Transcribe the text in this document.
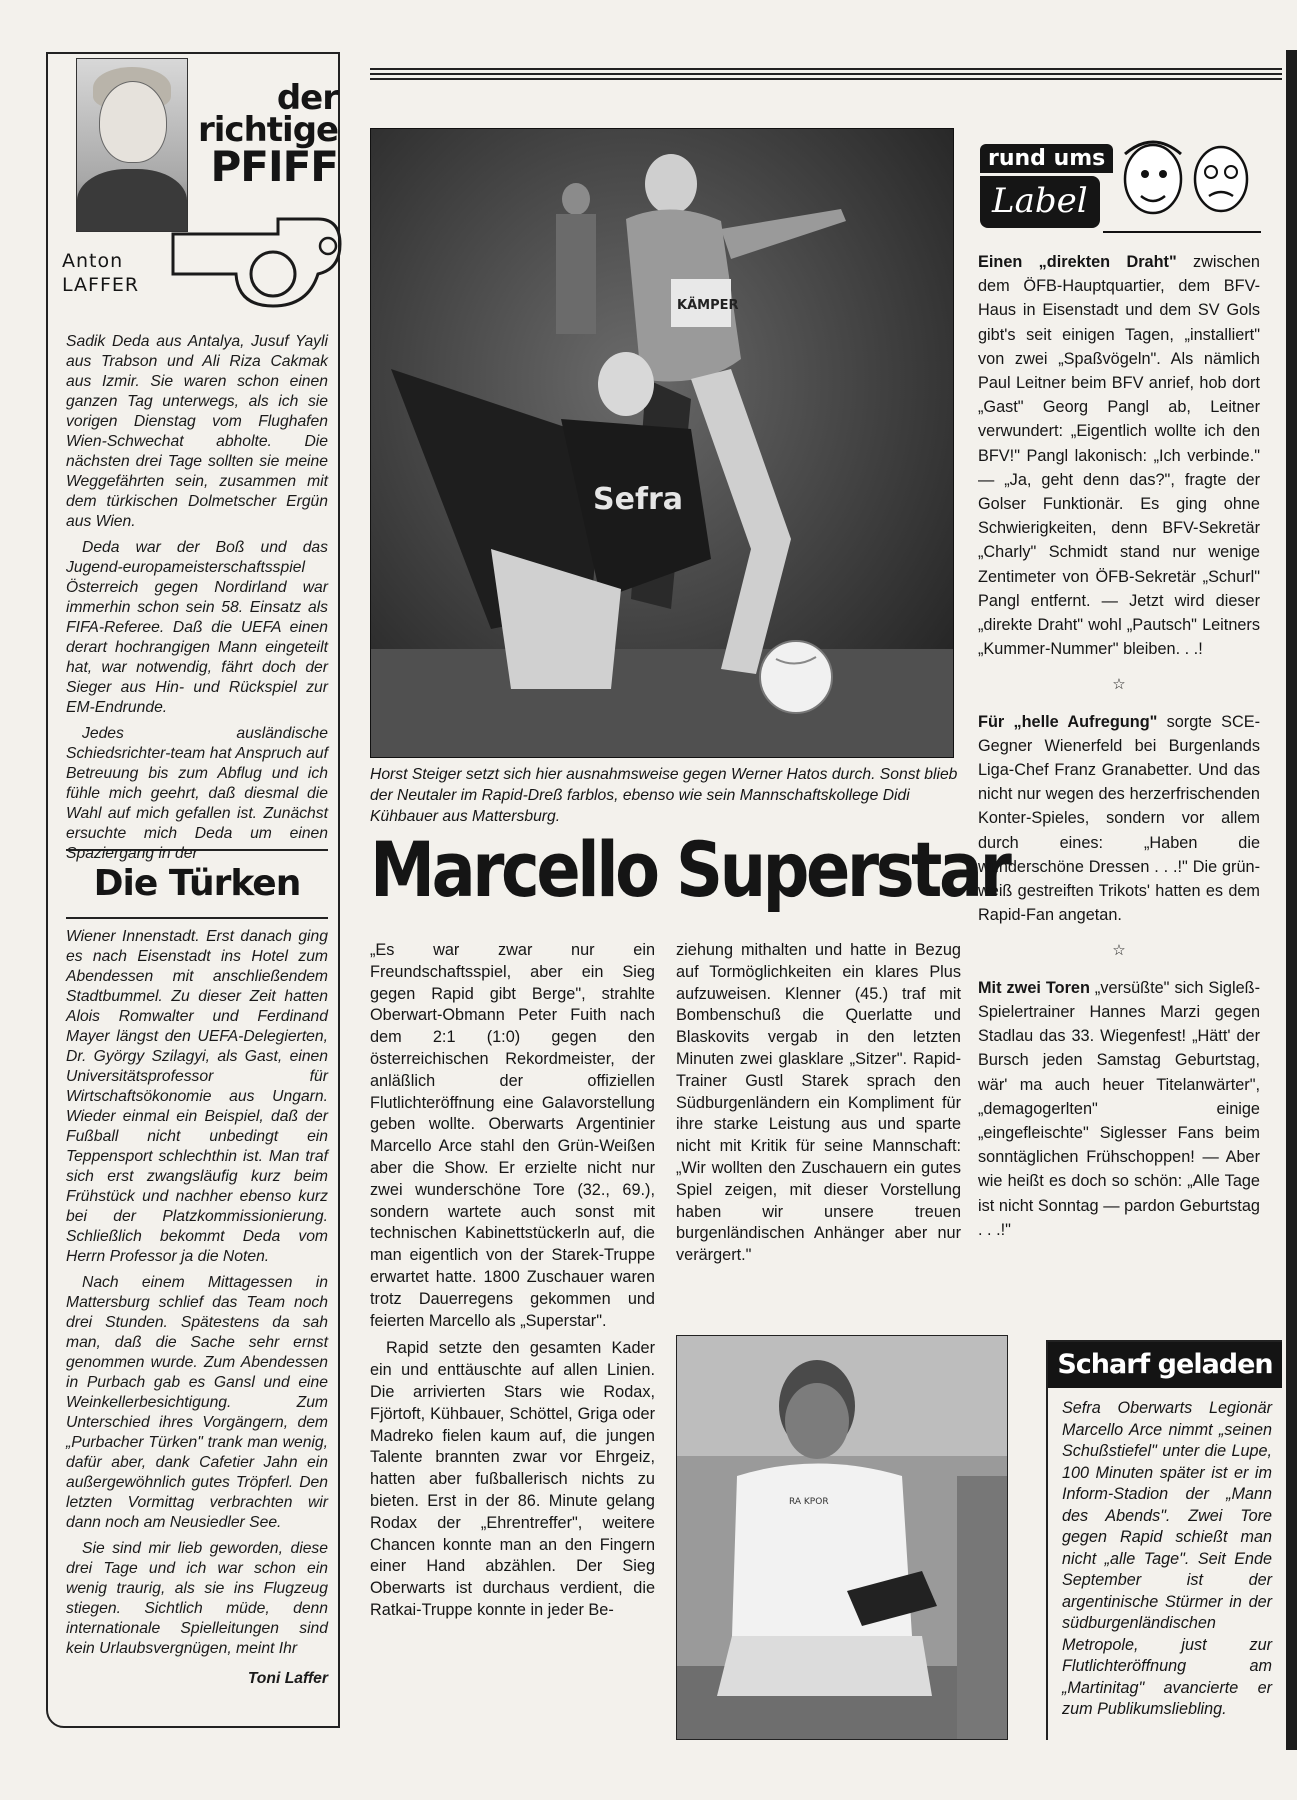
der
richtige
PFIFF
Anton
LAFFER

Sadik Deda aus Antalya, Jusuf Yayli aus Trabson und Ali Riza Cakmak aus Izmir. Sie waren schon einen ganzen Tag unterwegs, als ich sie vorigen Dienstag vom Flughafen Wien-Schwechat abholte. Die nächsten drei Tage sollten sie meine Weggefährten sein, zusammen mit dem türkischen Dolmetscher Ergün aus Wien.

Deda war der Boß und das Jugend-europameisterschaftsspiel Österreich gegen Nordirland war immerhin schon sein 58. Einsatz als FIFA-Referee. Daß die UEFA einen derart hochrangigen Mann eingeteilt hat, war notwendig, fährt doch der Sieger aus Hin- und Rückspiel zur EM-Endrunde.

Jedes ausländische Schiedsrichter-team hat Anspruch auf Betreuung bis zum Abflug und ich fühle mich geehrt, daß diesmal die Wahl auf mich gefallen ist. Zunächst ersuchte mich Deda um einen Spaziergang in der

Die Türken

Wiener Innenstadt. Erst danach ging es nach Eisenstadt ins Hotel zum Abendessen mit anschließendem Stadtbummel. Zu dieser Zeit hatten Alois Romwalter und Ferdinand Mayer längst den UEFA-Delegierten, Dr. György Szilagyi, als Gast, einen Universitätsprofessor für Wirtschaftsökonomie aus Ungarn. Wieder einmal ein Beispiel, daß der Fußball nicht unbedingt ein Teppensport schlechthin ist. Man traf sich erst zwangsläufig kurz beim Frühstück und nachher ebenso kurz bei der Platzkommissionierung. Schließlich bekommt Deda vom Herrn Professor ja die Noten.

Nach einem Mittagessen in Mattersburg schlief das Team noch drei Stunden. Spätestens da sah man, daß die Sache sehr ernst genommen wurde. Zum Abendessen in Purbach gab es Gansl und eine Weinkellerbesichtigung. Zum Unterschied ihres Vorgängern, dem „Purbacher Türken" trank man wenig, dafür aber, dank Cafetier Jahn ein außergewöhnlich gutes Tröpferl. Den letzten Vormittag verbrachten wir dann noch am Neusiedler See.

Sie sind mir lieb geworden, diese drei Tage und ich war schon ein wenig traurig, als sie ins Flugzeug stiegen. Sichtlich müde, denn internationale Spielleitungen sind kein Urlaubsvergnügen, meint Ihr

Toni Laffer
KÄMPER
Sefra
Horst Steiger setzt sich hier ausnahmsweise gegen Werner Hatos durch. Sonst blieb der Neutaler im Rapid-Dreß farblos, ebenso wie sein Mannschaftskollege Didi Kühbauer aus Mattersburg.
Marcello Superstar

„Es war zwar nur ein Freundschaftsspiel, aber ein Sieg gegen Rapid gibt Berge", strahlte Oberwart-Obmann Peter Fuith nach dem 2:1 (1:0) gegen den österreichischen Rekordmeister, der anläßlich der offiziellen Flutlichteröffnung eine Galavorstellung geben wollte. Oberwarts Argentinier Marcello Arce stahl den Grün-Weißen aber die Show. Er erzielte nicht nur zwei wunderschöne Tore (32., 69.), sondern wartete auch sonst mit technischen Kabinettstückerln auf, die man eigentlich von der Starek-Truppe erwartet hatte. 1800 Zuschauer waren trotz Dauerregens gekommen und feierten Marcello als „Superstar".

Rapid setzte den gesamten Kader ein und enttäuschte auf allen Linien. Die arrivierten Stars wie Rodax, Fjörtoft, Kühbauer, Schöttel, Griga oder Madreko fielen kaum auf, die jungen Talente brannten zwar vor Ehrgeiz, hatten aber fußballerisch nichts zu bieten. Erst in der 86. Minute gelang Rodax der „Ehrentreffer", weitere Chancen konnte man an den Fingern einer Hand abzählen. Der Sieg Oberwarts ist durchaus verdient, die Ratkai-Truppe konnte in jeder Be-

ziehung mithalten und hatte in Bezug auf Tormöglichkeiten ein klares Plus aufzuweisen. Klenner (45.) traf mit Bombenschuß die Querlatte und Blaskovits vergab in den letzten Minuten zwei glasklare „Sitzer". Rapid-Trainer Gustl Starek sprach den Südburgenländern ein Kompliment für ihre starke Leistung aus und sparte nicht mit Kritik für seine Mannschaft: „Wir wollten den Zuschauern ein gutes Spiel zeigen, mit dieser Vorstellung haben wir unsere treuen burgenländischen Anhänger aber nur verärgert."

rund ums
Label
Einen „direkten Draht" zwischen dem ÖFB-Hauptquartier, dem BFV-Haus in Eisenstadt und dem SV Gols gibt's seit einigen Tagen, „installiert" von zwei „Spaßvögeln". Als nämlich Paul Leitner beim BFV anrief, hob dort „Gast" Georg Pangl ab, Leitner verwundert: „Eigentlich wollte ich den BFV!" Pangl lakonisch: „Ich verbinde." — „Ja, geht denn das?", fragte der Golser Funktionär. Es ging ohne Schwierigkeiten, denn BFV-Sekretär „Charly" Schmidt stand nur wenige Zentimeter von ÖFB-Sekretär „Schurl" Pangl entfernt. — Jetzt wird dieser „direkte Draht" wohl „Pautsch" Leitners „Kummer-Nummer" bleiben. . .!
☆
Für „helle Aufregung" sorgte SCE-Gegner Wienerfeld bei Burgenlands Liga-Chef Franz Granabetter. Und das nicht nur wegen des herzerfrischenden Konter-Spieles, sondern vor allem durch eines: „Haben die wunderschöne Dressen . . .!" Die grün-weiß gestreiften Trikots' hatten es dem Rapid-Fan angetan.
☆
Mit zwei Toren „versüßte" sich Sigleß-Spielertrainer Hannes Marzi gegen Stadlau das 33. Wiegenfest! „Hätt' der Bursch jeden Samstag Geburtstag, wär' ma auch heuer Titelanwärter", „demagogerlten" einige „eingefleischte" Siglesser Fans beim sonntäglichen Frühschoppen! — Aber wie heißt es doch so schön: „Alle Tage ist nicht Sonntag — pardon Geburtstag . . .!"
RA KPOR
Scharf geladen
Sefra Oberwarts Legionär Marcello Arce nimmt „seinen Schußstiefel" unter die Lupe, 100 Minuten später ist er im Inform-Stadion der „Mann des Abends". Zwei Tore gegen Rapid schießt man nicht „alle Tage". Seit Ende September ist der argentinische Stürmer in der südburgenländischen Metropole, just zur Flutlichteröffnung am „Martinitag" avancierte er zum Publikumsliebling.
